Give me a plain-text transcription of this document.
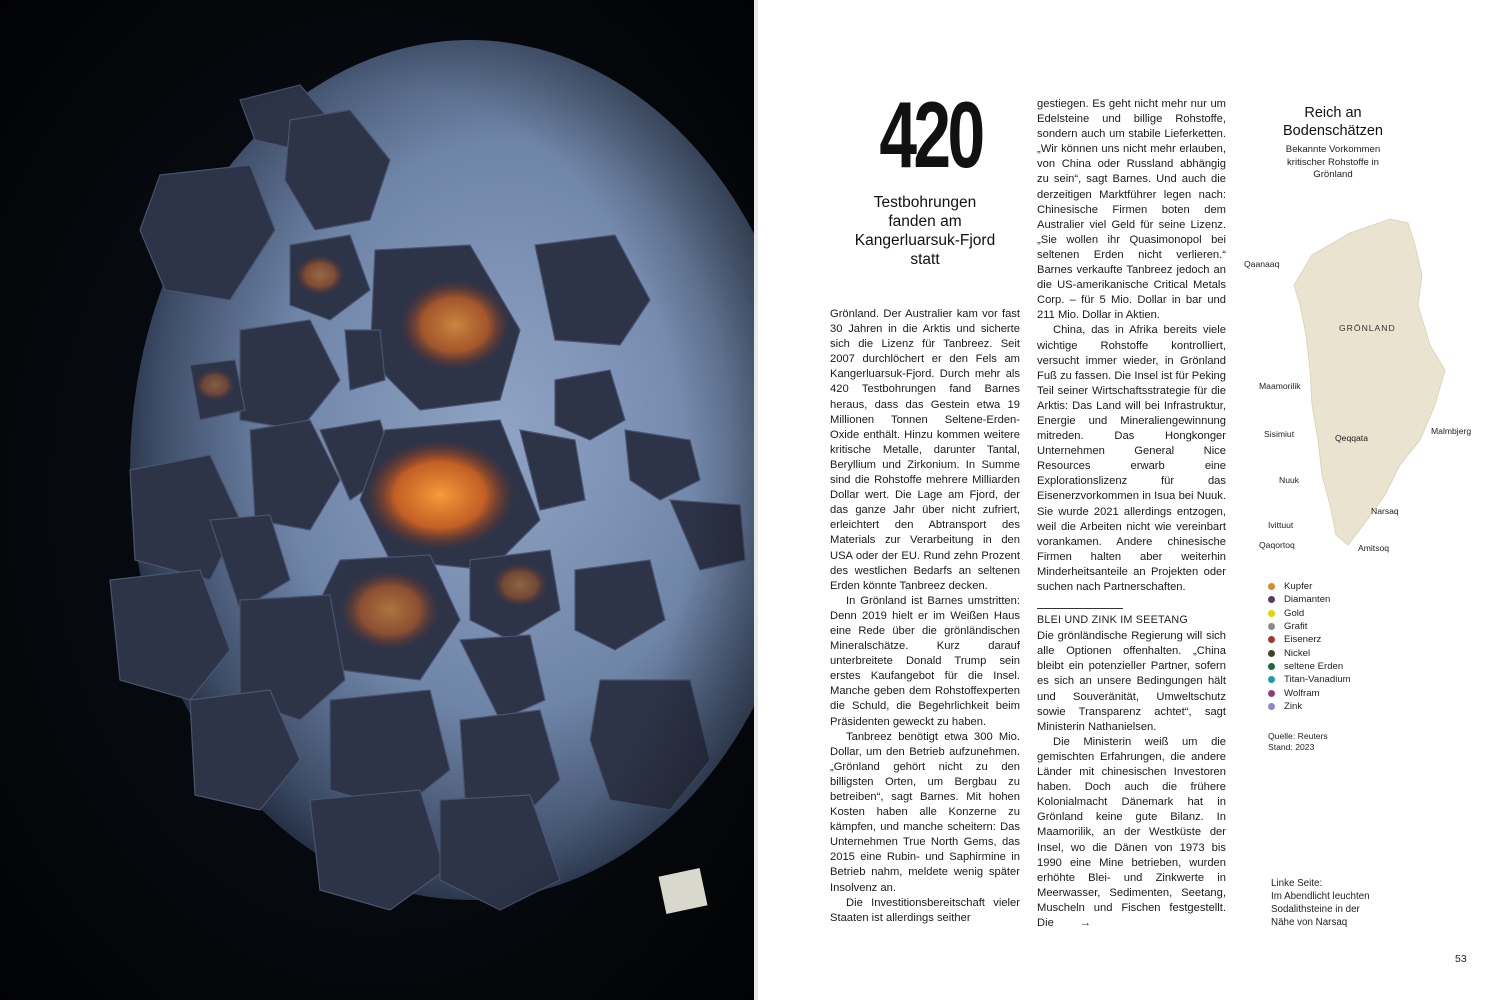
420
Testbohrungen fanden am Kangerluarsuk-Fjord statt

Grönland. Der Australier kam vor fast 30 Jahren in die Arktis und sicherte sich die Lizenz für Tanbreez. Seit 2007 durchlöchert er den Fels am Kangerluarsuk-Fjord. Durch mehr als 420 Testbohrungen fand Barnes heraus, dass das Gestein etwa 19 Millionen Tonnen Seltene-Erden-Oxide enthält. Hinzu kommen weitere kritische Metalle, darunter Tantal, Beryllium und Zirkonium. In Summe sind die Rohstoffe mehrere Milliarden Dollar wert. Die Lage am Fjord, der das ganze Jahr über nicht zufriert, erleichtert den Abtransport des Materials zur Verarbeitung in den USA oder der EU. Rund zehn Prozent des westlichen Bedarfs an seltenen Erden könnte Tanbreez decken.

In Grönland ist Barnes umstritten: Denn 2019 hielt er im Weißen Haus eine Rede über die grönländischen Mineralschätze. Kurz darauf unterbreitete Donald Trump sein erstes Kaufangebot für die Insel. Manche geben dem Rohstoffexperten die Schuld, die Begehrlichkeit beim Präsidenten geweckt zu haben.

Tanbreez benötigt etwa 300 Mio. Dollar, um den Betrieb aufzunehmen. „Grönland gehört nicht zu den billigsten Orten, um Bergbau zu betreiben“, sagt Barnes. Mit hohen Kosten haben alle Konzerne zu kämpfen, und manche scheitern: Das Unternehmen True North Gems, das 2015 eine Rubin- und Saphirmine in Betrieb nahm, meldete wenig später Insolvenz an.

Die Investitionsbereitschaft vieler Staaten ist allerdings seither

gestiegen. Es geht nicht mehr nur um Edelsteine und billige Rohstoffe, sondern auch um stabile Lieferketten. „Wir können uns nicht mehr erlauben, von China oder Russland abhängig zu sein“, sagt Barnes. Und auch die derzeitigen Marktführer legen nach: Chinesische Firmen boten dem Australier viel Geld für seine Lizenz. „Sie wollen ihr Quasimonopol bei seltenen Erden nicht verlieren.“ Barnes verkaufte Tanbreez jedoch an die US-amerikanische Critical Metals Corp. – für 5 Mio. Dollar in bar und 211 Mio. Dollar in Aktien.

China, das in Afrika bereits viele wichtige Rohstoffe kontrolliert, versucht immer wieder, in Grönland Fuß zu fassen. Die Insel ist für Peking Teil seiner Wirtschaftsstrategie für die Arktis: Das Land will bei Infrastruktur, Energie und Mineraliengewinnung mitreden. Das Hongkonger Unternehmen General Nice Resources erwarb eine Explorationslizenz für das Eisenerzvorkommen in Isua bei Nuuk. Sie wurde 2021 allerdings entzogen, weil die Arbeiten nicht wie vereinbart vorankamen. Andere chinesische Firmen halten aber weiterhin Minderheitsanteile an Projekten oder suchen nach Partnerschaften.

BLEI UND ZINK IM SEETANG

Die grönländische Regierung will sich alle Optionen offenhalten. „China bleibt ein potenzieller Partner, sofern es sich an unsere Bedingungen hält und Souveränität, Umweltschutz sowie Transparenz achtet“, sagt Ministerin Nathanielsen.

Die Ministerin weiß um die gemischten Erfahrungen, die andere Länder mit chinesischen Investoren haben. Doch auch die frühere Kolonialmacht Dänemark hat in Grönland keine gute Bilanz. In Maamorilik, an der Westküste der Insel, wo die Dänen von 1973 bis 1990 eine Mine betrieben, wurden erhöhte Blei- und Zinkwerte in Meerwasser, Sedimenten, Seetang, Muscheln und Fischen festgestellt. Die →

Reich an Bodenschätzen
Bekannte Vorkommen kritischer Rohstoffe in Grönland
GRÖNLAND
Qaanaaq
Maamorilik
Sisimiut	Qeqqata
Nuuk
Malmbjerg
Narsaq
Ivittuut
Qaqortoq	Amitsoq
Kupfer
Diamanten
Gold
Grafit
Eisenerz
Nickel
seltene Erden
Titan-Vanadium
Wolfram
Zink
Quelle: Reuters
Stand: 2023
Linke Seite:
Im Abendlicht leuchten
Sodalithsteine in der
Nähe von Narsaq
53
